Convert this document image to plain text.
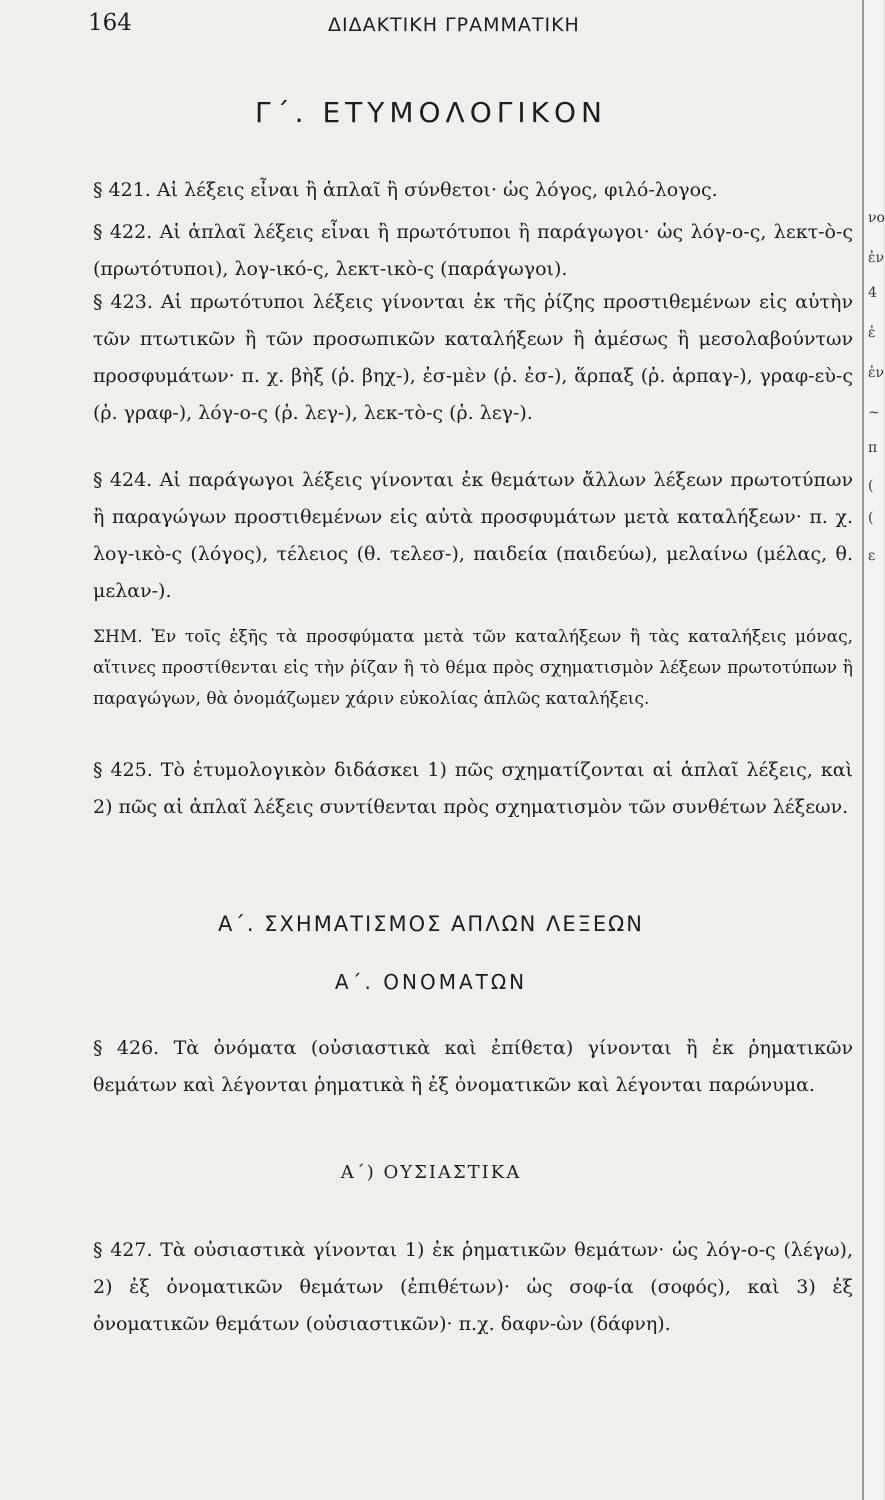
164	ΔΙΔΑΚΤΙΚΗ ΓΡΑΜΜΑΤΙΚΗ
Γ΄. ΕΤΥΜΟΛΟΓΙΚΟΝ

§ 421. Αἱ λέξεις εἶναι ἢ ἁπλαῖ ἢ σύνθετοι· ὡς λόγος, φιλό-λογος.

§ 422. Αἱ ἁπλαῖ λέξεις εἶναι ἢ πρωτότυποι ἢ παράγωγοι· ὡς λόγ-ο-ς, λεκτ-ὸ-ς (πρωτότυποι), λογ-ικό-ς, λεκτ-ικὸ-ς (παράγωγοι).

§ 423. Αἱ πρωτότυποι λέξεις γίνονται ἐκ τῆς ῥίζης προστιθεμένων εἰς αὐτὴν τῶν πτωτικῶν ἢ τῶν προσωπικῶν καταλήξεων ἢ ἀμέσως ἢ μεσολαβούντων προσφυμάτων· π. χ. βὴξ (ῥ. βηχ-), ἐσ-μὲν (ῥ. ἐσ-), ἅρπαξ (ῥ. ἁρπαγ-), γραφ-εὺ-ς (ῥ. γραφ-), λόγ-ο-ς (ῥ. λεγ-), λεκ-τὸ-ς (ῥ. λεγ-).

§ 424. Αἱ παράγωγοι λέξεις γίνονται ἐκ θεμάτων ἄλλων λέξεων πρωτοτύπων ἢ παραγώγων προστιθεμένων εἰς αὐτὰ προσφυμάτων μετὰ καταλήξεων· π. χ. λογ-ικὸ-ς (λόγος), τέλειος (θ. τελεσ-), παιδεία (παιδεύω), μελαίνω (μέλας, θ. μελαν-).

ΣΗΜ. Ἐν τοῖς ἑξῆς τὰ προσφύματα μετὰ τῶν καταλήξεων ἢ τὰς καταλήξεις μόνας, αἵτινες προστίθενται εἰς τὴν ῥίζαν ἢ τὸ θέμα πρὸς σχηματισμὸν λέξεων πρωτοτύπων ἢ παραγώγων, θὰ ὀνομάζωμεν χάριν εὐκολίας ἁπλῶς καταλήξεις.

§ 425. Τὸ ἐτυμολογικὸν διδάσκει 1) πῶς σχηματίζονται αἱ ἁπλαῖ λέξεις, καὶ 2) πῶς αἱ ἁπλαῖ λέξεις συντίθενται πρὸς σχηματισμὸν τῶν συνθέτων λέξεων.

Α΄. ΣΧΗΜΑΤΙΣΜΟΣ ΑΠΛΩΝ ΛΕΞΕΩΝ
Α΄. ΟΝΟΜΑΤΩΝ

§ 426. Τὰ ὀνόματα (οὐσιαστικὰ καὶ ἐπίθετα) γίνονται ἢ ἐκ ῥηματικῶν θεμάτων καὶ λέγονται ῥηματικὰ ἢ ἐξ ὀνοματικῶν καὶ λέγονται παρώνυμα.

Α΄) ΟΥΣΙΑΣΤΙΚΑ

§ 427. Τὰ οὐσιαστικὰ γίνονται 1) ἐκ ῥηματικῶν θεμάτων· ὡς λόγ-ο-ς (λέγω), 2) ἐξ ὀνοματικῶν θεμάτων (ἐπιθέτων)· ὡς σοφ-ία (σοφός), καὶ 3) ἐξ ὀνοματικῶν θεμάτων (οὐσιαστικῶν)· π.χ. δαφν-ὼν (δάφνη).

νο
ἐν
4
ἐ
ἐν
~
π
(
(
ε
